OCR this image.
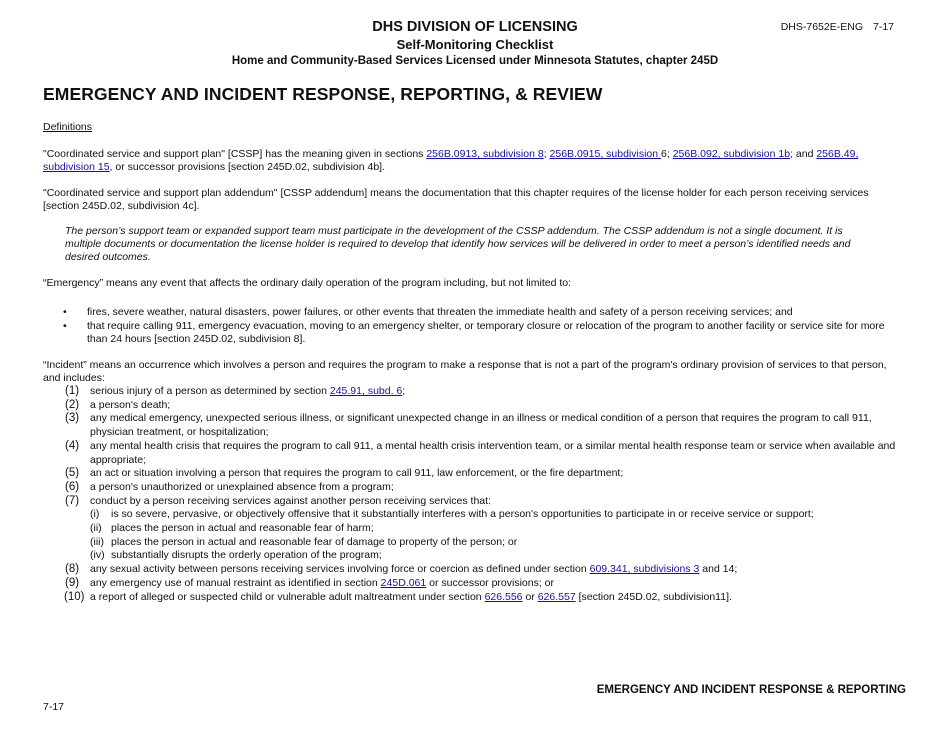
DHS DIVISION OF LICENSING
Self-Monitoring Checklist
Home and Community-Based Services Licensed under Minnesota Statutes, chapter 245D
DHS-7652E-ENG 7-17
EMERGENCY AND INCIDENT RESPONSE, REPORTING, & REVIEW
Definitions
"Coordinated service and support plan" [CSSP] has the meaning given in sections 256B.0913, subdivision 8; 256B.0915, subdivision 6; 256B.092, subdivision 1b; and 256B.49, subdivision 15, or successor provisions [section 245D.02, subdivision 4b].
"Coordinated service and support plan addendum" [CSSP addendum] means the documentation that this chapter requires of the license holder for each person receiving services [section 245D.02, subdivision 4c].
The person’s support team or expanded support team must participate in the development of the CSSP addendum. The CSSP addendum is not a single document. It is multiple documents or documentation the license holder is required to develop that identify how services will be delivered in order to meet a person’s identified needs and desired outcomes.
“Emergency” means any event that affects the ordinary daily operation of the program including, but not limited to:
• fires, severe weather, natural disasters, power failures, or other events that threaten the immediate health and safety of a person receiving services; and
• that require calling 911, emergency evacuation, moving to an emergency shelter, or temporary closure or relocation of the program to another facility or service site for more than 24 hours [section 245D.02, subdivision 8].
“Incident” means an occurrence which involves a person and requires the program to make a response that is not a part of the program's ordinary provision of services to that person, and includes:
(1) serious injury of a person as determined by section 245.91, subd. 6;
(2) a person's death;
(3) any medical emergency, unexpected serious illness, or significant unexpected change in an illness or medical condition of a person that requires the program to call 911, physician treatment, or hospitalization;
(4) any mental health crisis that requires the program to call 911, a mental health crisis intervention team, or a similar mental health response team or service when available and appropriate;
(5) an act or situation involving a person that requires the program to call 911, law enforcement, or the fire department;
(6) a person's unauthorized or unexplained absence from a program;
(7) conduct by a person receiving services against another person receiving services that:
(i) is so severe, pervasive, or objectively offensive that it substantially interferes with a person's opportunities to participate in or receive service or support;
(ii) places the person in actual and reasonable fear of harm;
(iii) places the person in actual and reasonable fear of damage to property of the person; or
(iv) substantially disrupts the orderly operation of the program;
(8) any sexual activity between persons receiving services involving force or coercion as defined under section 609.341, subdivisions 3 and 14;
(9) any emergency use of manual restraint as identified in section 245D.061 or successor provisions; or
(10) a report of alleged or suspected child or vulnerable adult maltreatment under section 626.556 or 626.557 [section 245D.02, subdivision11].
EMERGENCY AND INCIDENT RESPONSE & REPORTING
7-17
